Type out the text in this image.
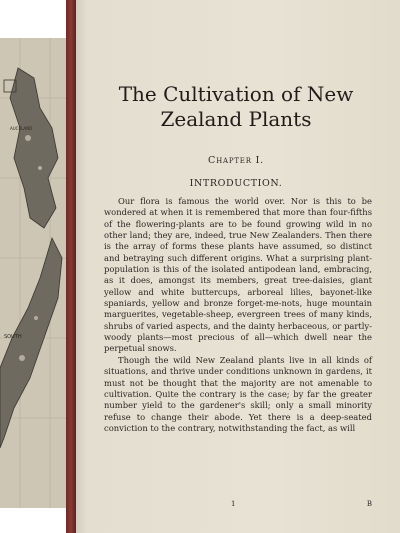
SOUTH
AUCKLAND
The Cultivation of New Zealand Plants
Chapter I.
INTRODUCTION.

Our flora is famous the world over. Nor is this to be wondered at when it is remembered that more than four-fifths of the flowering-plants are to be found growing wild in no other land; they are, indeed, true New Zealanders. Then there is the array of forms these plants have assumed, so distinct and betraying such different origins. What a surprising plant-population is this of the isolated antipodean land, embracing, as it does, amongst its members, great tree-daisies, giant yellow and white buttercups, arboreal lilies, bayonet-like spaniards, yellow and bronze forget-me-nots, huge mountain marguerites, vegetable-sheep, evergreen trees of many kinds, shrubs of varied aspects, and the dainty herbaceous, or partly-woody plants—most precious of all—which dwell near the perpetual snows.

Though the wild New Zealand plants live in all kinds of situations, and thrive under conditions unknown in gardens, it must not be thought that the majority are not amenable to cultivation. Quite the contrary is the case; by far the greater number yield to the gardener's skill; only a small minority refuse to change their abode. Yet there is a deep-seated conviction to the contrary, notwithstanding the fact, as will

1	B
